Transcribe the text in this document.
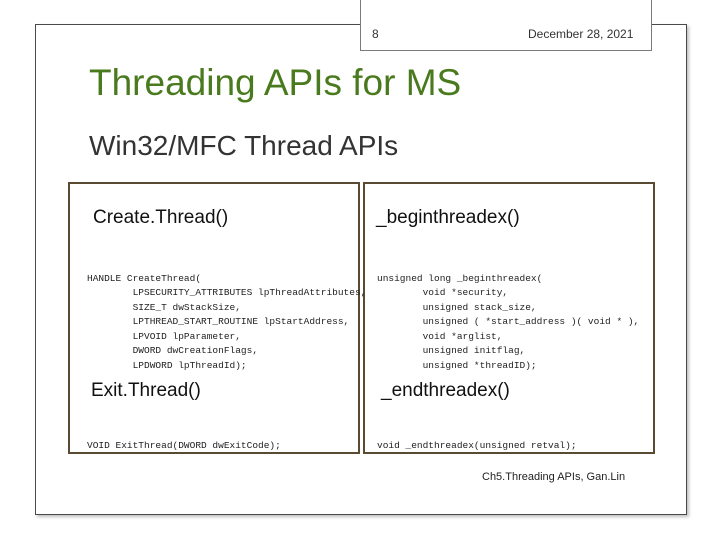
8	December 28, 2021
Threading APIs for MS
Win32/MFC Thread APIs
Create.Thread()

HANDLE CreateThread(
LPSECURITY_ATTRIBUTES lpThreadAttributes,
SIZE_T dwStackSize,
LPTHREAD_START_ROUTINE lpStartAddress,
LPVOID lpParameter,
DWORD dwCreationFlags,
LPDWORD lpThreadId);

_beginthreadex()

unsigned long _beginthreadex(
void *security,
unsigned stack_size,
unsigned ( *start_address )( void * ),
void *arglist,
unsigned initflag,
unsigned *threadID);

Exit.Thread()

VOID ExitThread(DWORD dwExitCode);

_endthreadex()

void _endthreadex(unsigned retval);

Ch5.Threading APIs, Gan.Lin
